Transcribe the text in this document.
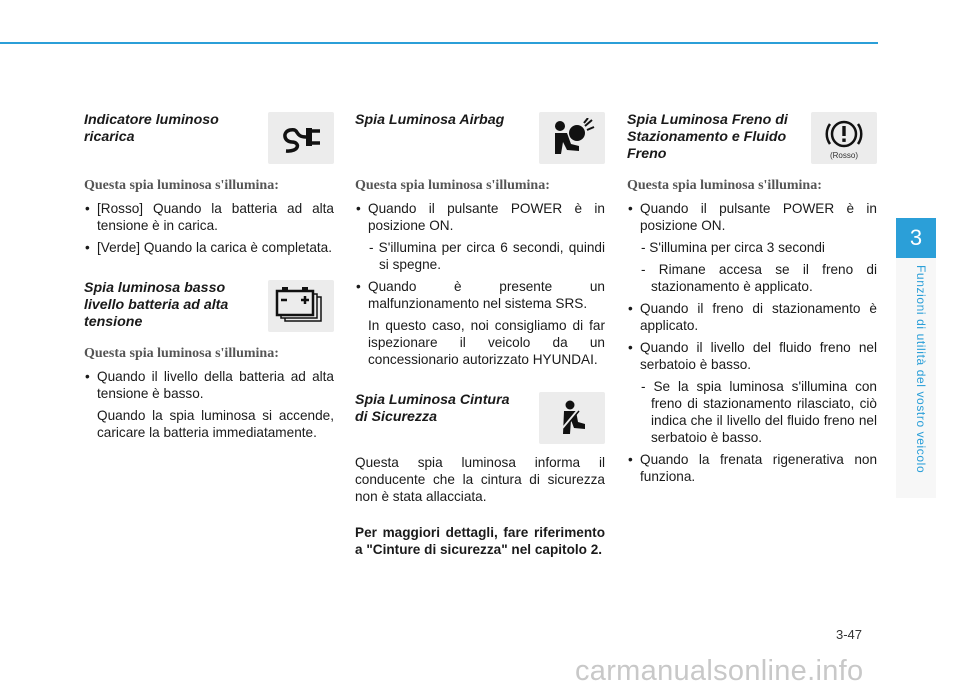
3
Funzioni di utilità del vostro veicolo
Indicatore luminoso ricarica
Questa spia luminosa s'illumina:
• [Rosso] Quando la batteria ad alta tensione è in carica.
• [Verde] Quando la carica è completata.
Spia luminosa basso livello batteria ad alta tensione
Questa spia luminosa s'illumina:
• Quando il livello della batteria ad alta tensione è basso.
Quando la spia luminosa si accende, caricare la batteria immediatamente.
Spia Luminosa Airbag
Questa spia luminosa s'illumina:
• Quando il pulsante POWER è in posizione ON.
- S'illumina per circa 6 secondi, quindi si spegne.
• Quando è presente un malfunzionamento nel sistema SRS.
In questo caso, noi consigliamo di far ispezionare il veicolo da un concessionario autorizzato HYUNDAI.
Spia Luminosa Cintura di Sicurezza

Questa spia luminosa informa il conducente che la cintura di sicurezza non è stata allacciata.

Per maggiori dettagli, fare riferimento a "Cinture di sicurezza" nel capitolo 2.

Spia Luminosa Freno di Stazionamento e Fluido Freno	(Rosso)
Questa spia luminosa s'illumina:
• Quando il pulsante POWER è in posizione ON.
- S'illumina per circa 3 secondi
- Rimane accesa se il freno di stazionamento è applicato.
• Quando il freno di stazionamento è applicato.
• Quando il livello del fluido freno nel serbatoio è basso.
- Se la spia luminosa s'illumina con freno di stazionamento rilasciato, ciò indica che il livello del fluido freno nel serbatoio è basso.
• Quando la frenata rigenerativa non funziona.
3-47
carmanualsonline.info
